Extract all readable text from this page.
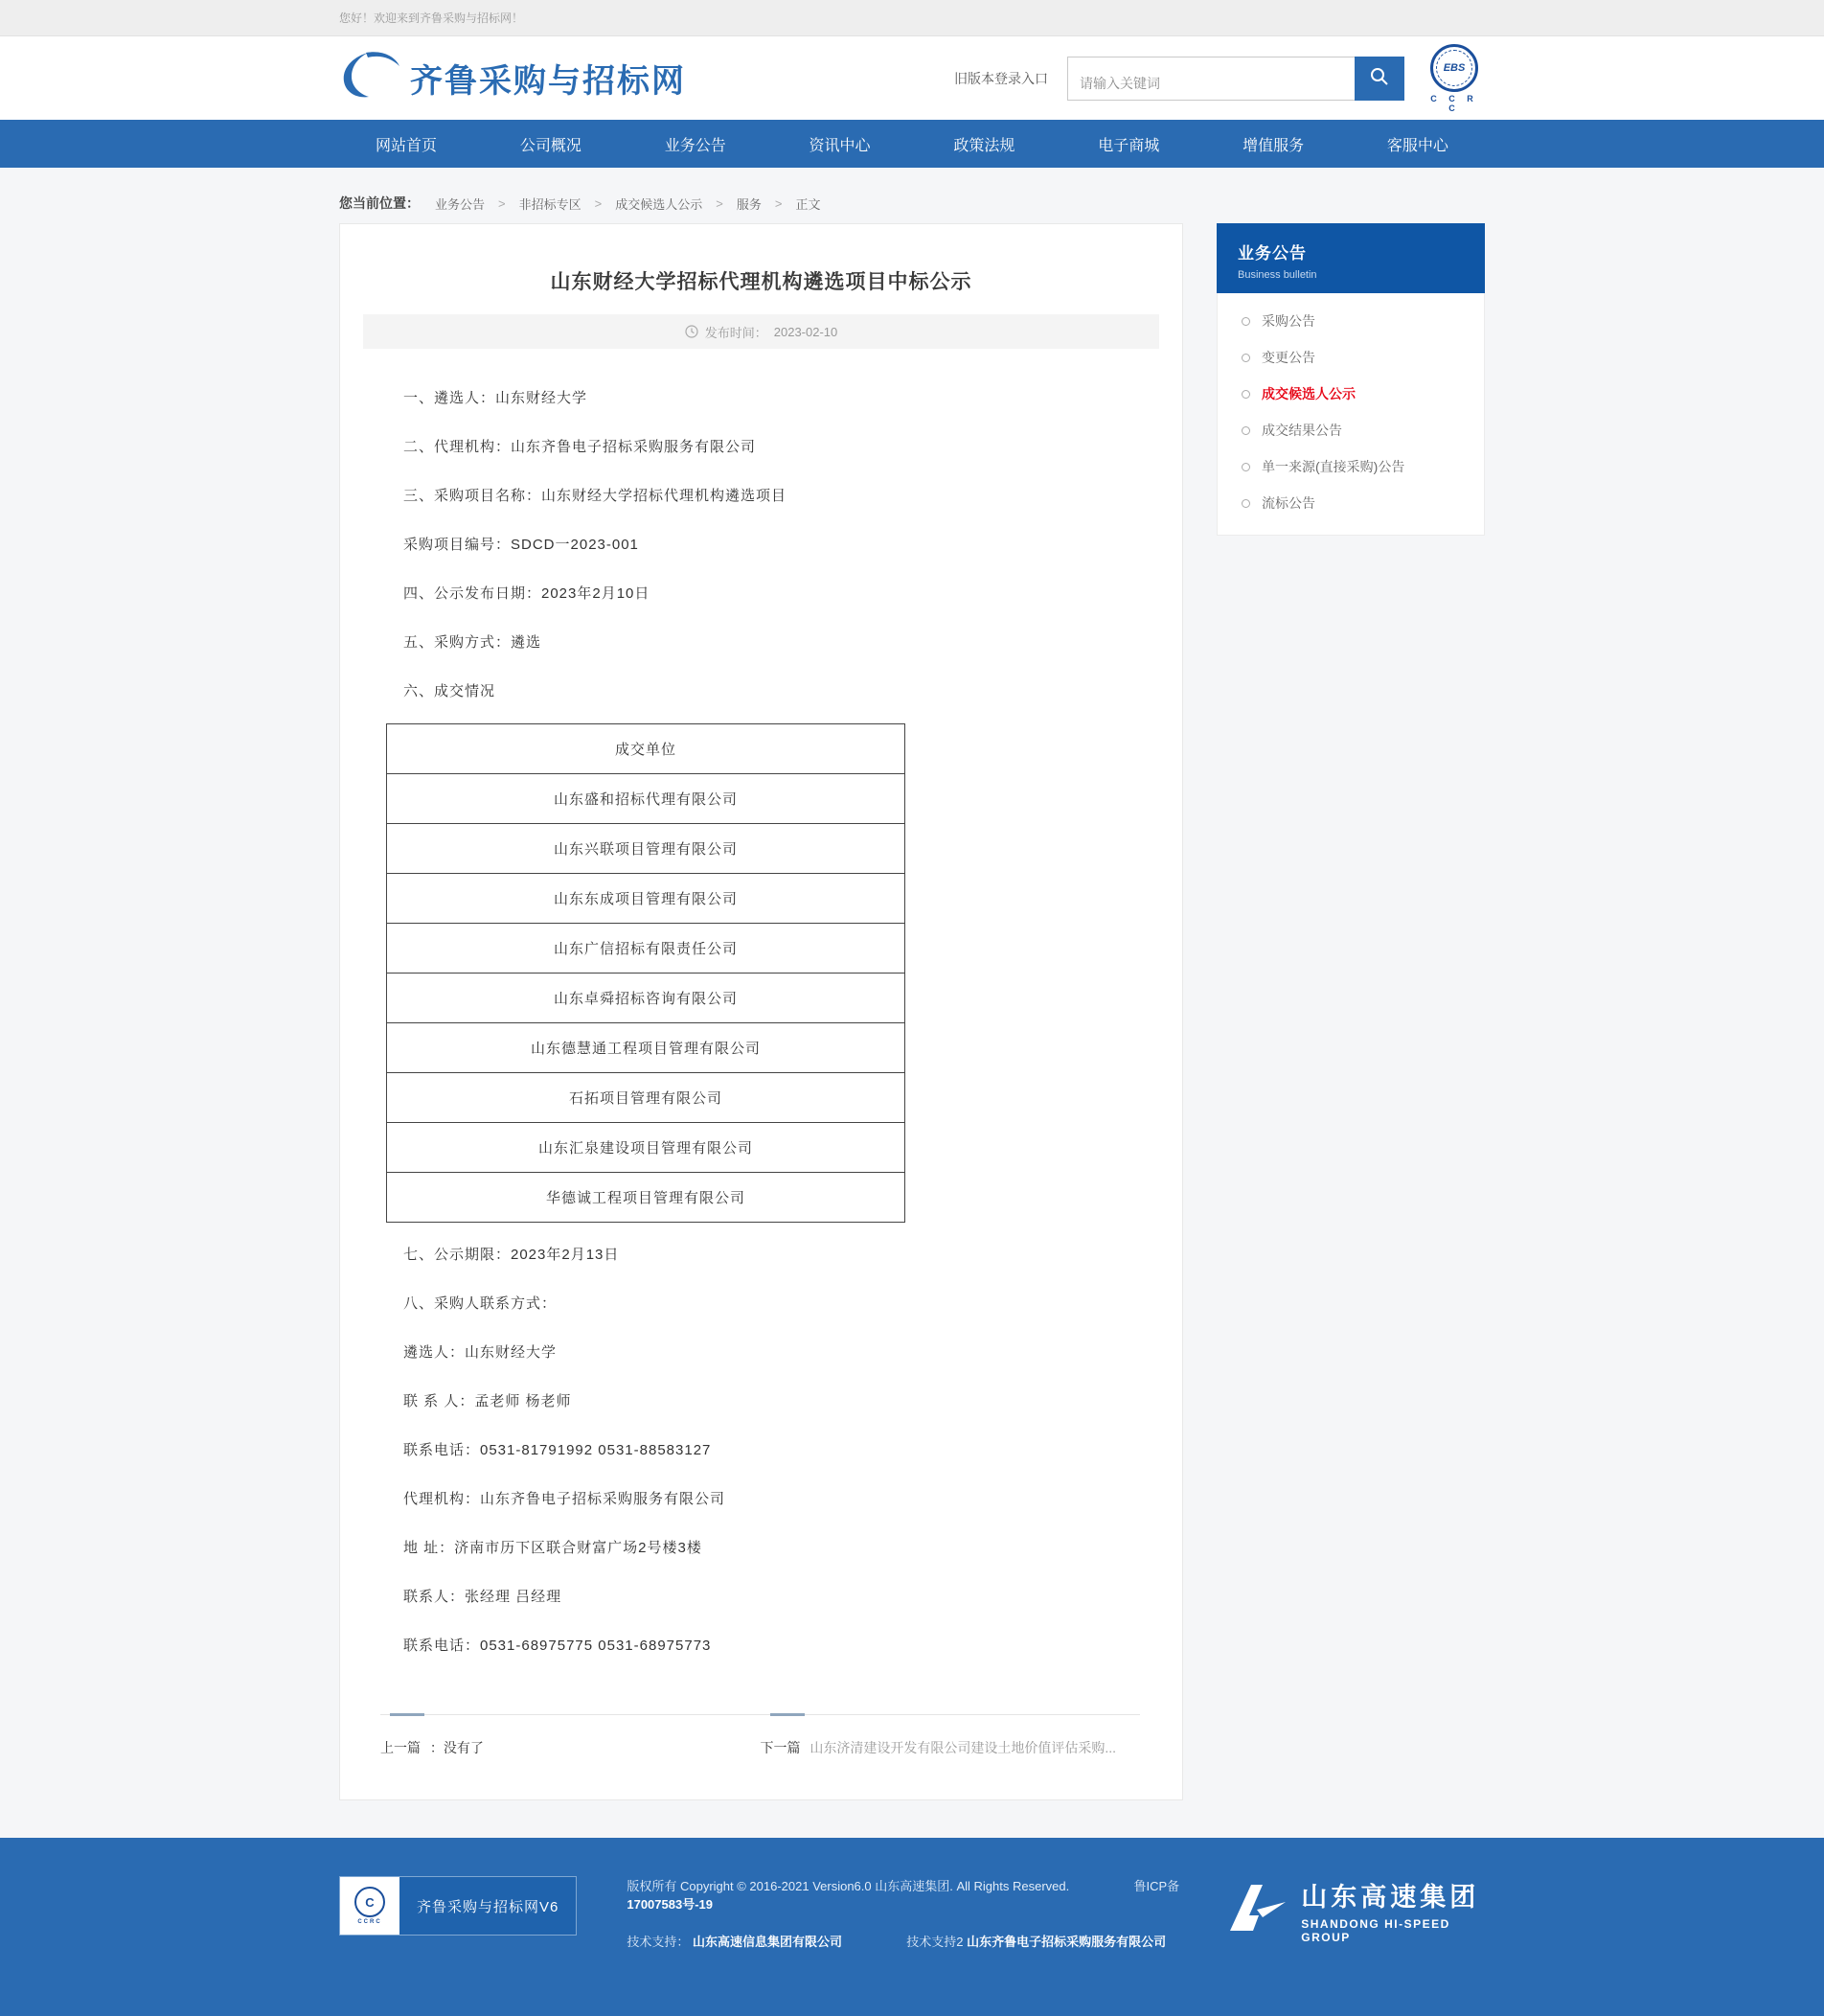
您好！欢迎来到齐鲁采购与招标网！
齐鲁采购与招标网	旧版本登录入口
请输入关键词
EBS
C C R C
网站首页	公司概况	业务公告	资讯中心	政策法规	电子商城	增值服务	客服中心
您当前位置： 业务公告 > 非招标专区 > 成交候选人公示 > 服务 > 正文
山东财经大学招标代理机构遴选项目中标公示
发布时间： 2023-02-10

一、遴选人：山东财经大学

二、代理机构：山东齐鲁电子招标采购服务有限公司

三、采购项目名称：山东财经大学招标代理机构遴选项目

采购项目编号：SDCD一2023-001

四、公示发布日期：2023年2月10日

五、采购方式：遴选

六、成交情况

成交单位
山东盛和招标代理有限公司
山东兴联项目管理有限公司
山东东成项目管理有限公司
山东广信招标有限责任公司
山东卓舜招标咨询有限公司
山东德慧通工程项目管理有限公司
石拓项目管理有限公司
山东汇泉建设项目管理有限公司
华德诚工程项目管理有限公司

七、公示期限：2023年2月13日

八、采购人联系方式：

遴选人：山东财经大学

联 系 人：孟老师 杨老师

联系电话：0531-81791992 0531-88583127

代理机构：山东齐鲁电子招标采购服务有限公司

地 址：济南市历下区联合财富广场2号楼3楼

联系人：张经理 吕经理

联系电话：0531-68975775 0531-68975773

上一篇 ：没有了	下一篇 山东济清建设开发有限公司建设土地价值评估采购...
业务公告
Business bulletin
采购公告
变更公告
成交候选人公示
成交结果公告
单一来源(直接采购)公告
流标公告
C
CCRC
齐鲁采购与招标网V6
版权所有 Copyright © 2016-2021 Version6.0 山东高速集团. All Rights Reserved.	鲁ICP备 17007583号-19
技术支持： 山东高速信息集团有限公司	技术支持2 山东齐鲁电子招标采购服务有限公司
山东高速集团
SHANDONG HI-SPEED GROUP
